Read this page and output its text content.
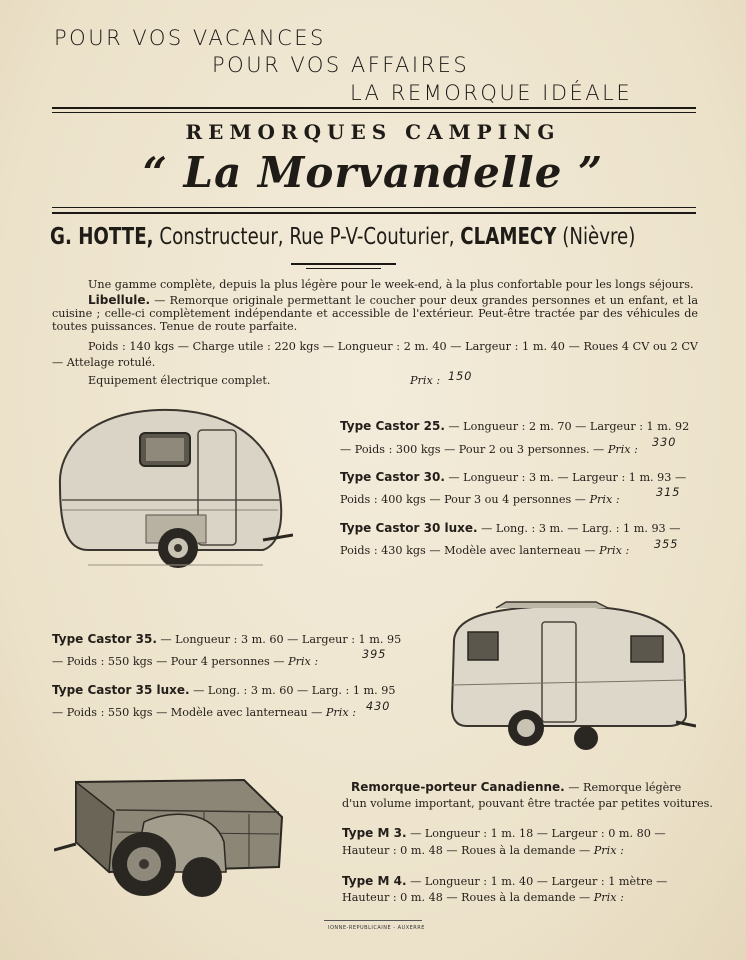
POUR VOS VACANCES
POUR VOS AFFAIRES
LA REMORQUE IDÉALE
REMORQUES CAMPING
“ La Morvandelle ”
G. HOTTE, Constructeur, Rue P-V-Couturier, CLAMECY (Nièvre)
Une gamme complète, depuis la plus légère pour le week-end, à la plus confortable pour les longs séjours.
Libellule. — Remorque originale permettant le coucher pour deux grandes personnes et un enfant, et la cuisine ; celle-ci complètement indépendante et accessible de l'extérieur. Peut-être tractée par des véhicules de toutes puissances. Tenue de route parfaite.
Poids : 140 kgs — Charge utile : 220 kgs — Longueur : 2 m. 40 — Largeur : 1 m. 40 — Roues 4 CV ou 2 CV — Attelage rotulé.
Equipement électrique complet.	Prix : 150
Type Castor 25. — Longueur : 2 m. 70 — Largeur : 1 m. 92
— Poids : 300 kgs — Pour 2 ou 3 personnes. — Prix :
330
Type Castor 30. — Longueur : 3 m. — Largeur : 1 m. 93 —
Poids : 400 kgs — Pour 3 ou 4 personnes — Prix :
315
Type Castor 30 luxe. — Long. : 3 m. — Larg. : 1 m. 93 —
Poids : 430 kgs — Modèle avec lanterneau — Prix : 355
Type Castor 35. — Longueur : 3 m. 60 — Largeur : 1 m. 95
— Poids : 550 kgs — Pour 4 personnes — Prix :
395
Type Castor 35 luxe. — Long. : 3 m. 60 — Larg. : 1 m. 95
— Poids : 550 kgs — Modèle avec lanterneau — Prix : 430
Remorque-porteur Canadienne. — Remorque légère
d'un volume important, pouvant être tractée par petites voitures.
Type M 3. — Longueur : 1 m. 18 — Largeur : 0 m. 80 —
Hauteur : 0 m. 48 — Roues à la demande — Prix :
Type M 4. — Longueur : 1 m. 40 — Largeur : 1 mètre —
Hauteur : 0 m. 48 — Roues à la demande — Prix :
IONNE-REPUBLICAINE - AUXERRE
